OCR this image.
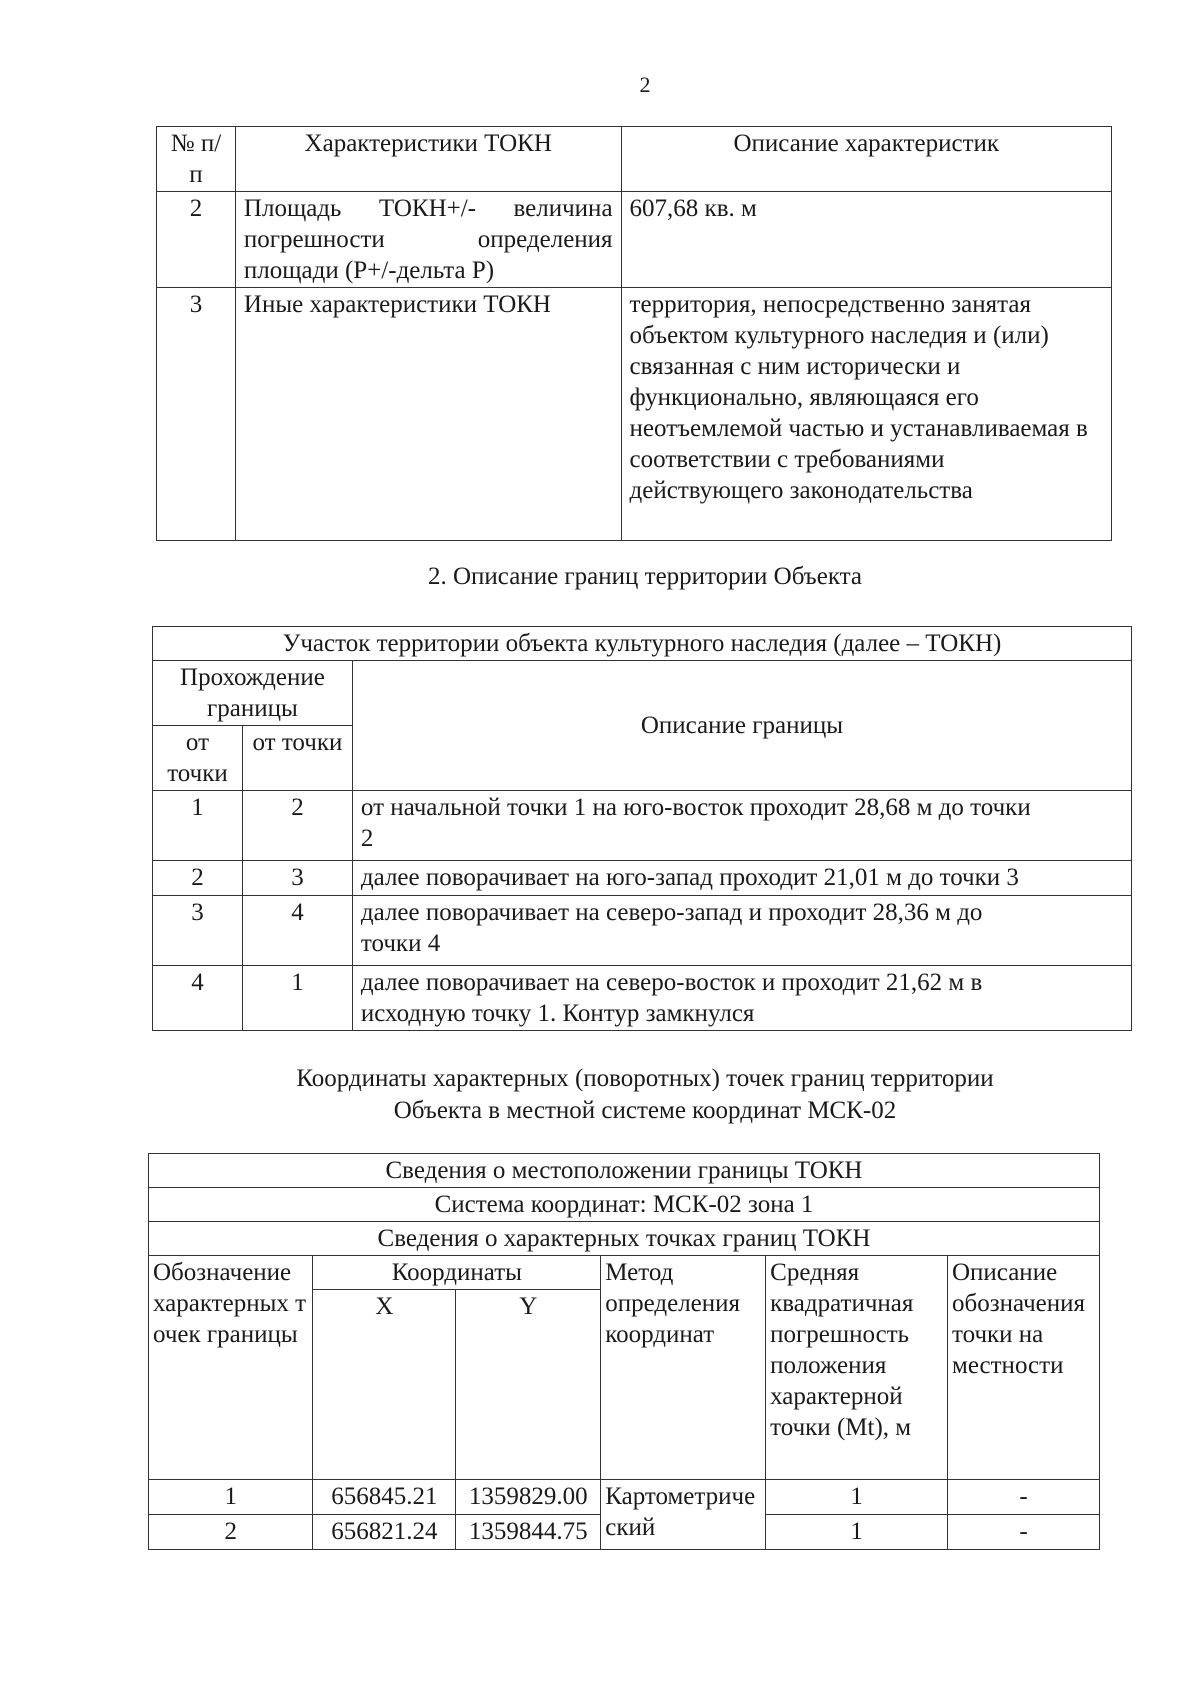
2
№ п/п	Характеристики ТОКН	Описание характеристик
2	Площадь ТОКН+/- величина погрешности определения площади (Р+/-дельта Р)	607,68 кв. м
3	Иные характеристики ТОКН	территория, непосредственно занятая объектом культурного наследия и (или) связанная с ним исторически и функционально, являющаяся его неотъемлемой частью и устанавливаемая в соответствии с требованиями действующего законодательства
2. Описание границ территории Объекта
Участок территории объекта культурного наследия (далее – ТОКН)		
Прохождение границы		Описание границы
от точки	от точки	
1	2	от начальной точки 1 на юго-восток проходит 28,68 м до точки 2
2	3	далее поворачивает на юго-запад проходит 21,01 м до точки 3
3	4	далее поворачивает на северо-запад и проходит 28,36 м до точки 4
4	1	далее поворачивает на северо-восток и проходит 21,62 м в исходную точку 1. Контур замкнулся
Координаты характерных (поворотных) точек границ территории
Объекта в местной системе координат МСК-02
Сведения о местоположении границы ТОКН					
Система координат: МСК-02 зона 1					
Сведения о характерных точках границ ТОКН					
Обозначение характерных точек границы	Координаты		Метод определения координат	Средняя квадратичная погрешность положения характерной точки (Mt), м	Описание обозначения точки на местности
	X	Y			
1	656845.21	1359829.00	Картометрический	1	-
2	656821.24	1359844.75		1	-
